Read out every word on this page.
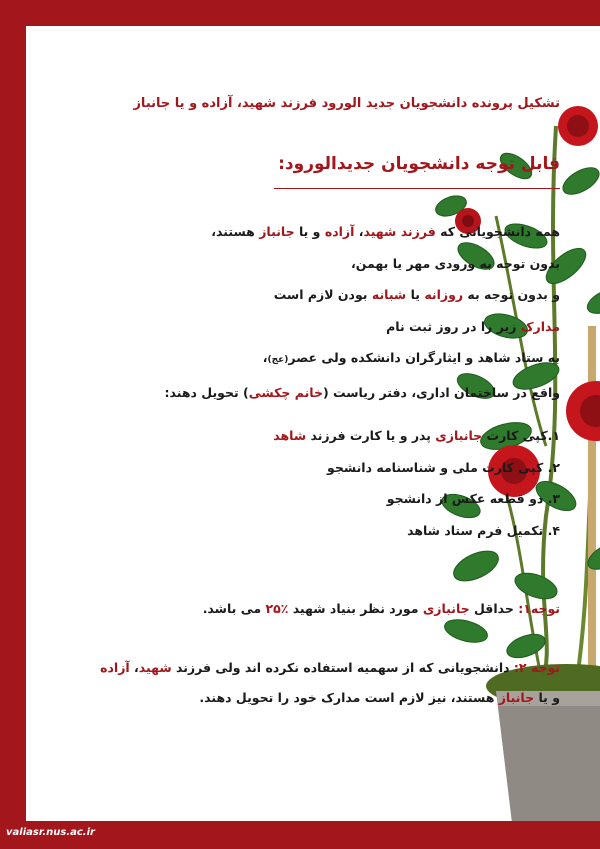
تشکیل پرونده دانشجویان جدید الورود فرزند شهید، آزاده و یا جانباز
قابل توجه دانشجویان جدیدالورود:
همه دانشجویانی که فرزند شهید، آزاده و یا جانباز هستند،
بدون توجه به ورودی مهر یا بهمن،
و بدون توجه به روزانه یا شبانه بودن لازم است
مدارک زیر را در روز ثبت نام
به ستاد شاهد و ایثارگران دانشکده ولی عصر(عج)،
واقع در ساختمان اداری، دفتر ریاست (خانم چکشی) تحویل دهند:
۱.کپی کارت جانبازی پدر و یا کارت فرزند شاهد
۲. کپی کارت ملی و شناسنامه دانشجو
۳. دو قطعه عکس از دانشجو
۴. تکمیل فرم ستاد شاهد
توجه۱: حداقل جانبازی مورد نظر بنیاد شهید ٪۲۵ می باشد.
توجه ۲: دانشجویانی که از سهمیه استفاده نکرده اند ولی فرزند شهید، آزاده
و یا جانباز هستند، نیز لازم است مدارک خود را تحویل دهند.
valiasr.nus.ac.ir
